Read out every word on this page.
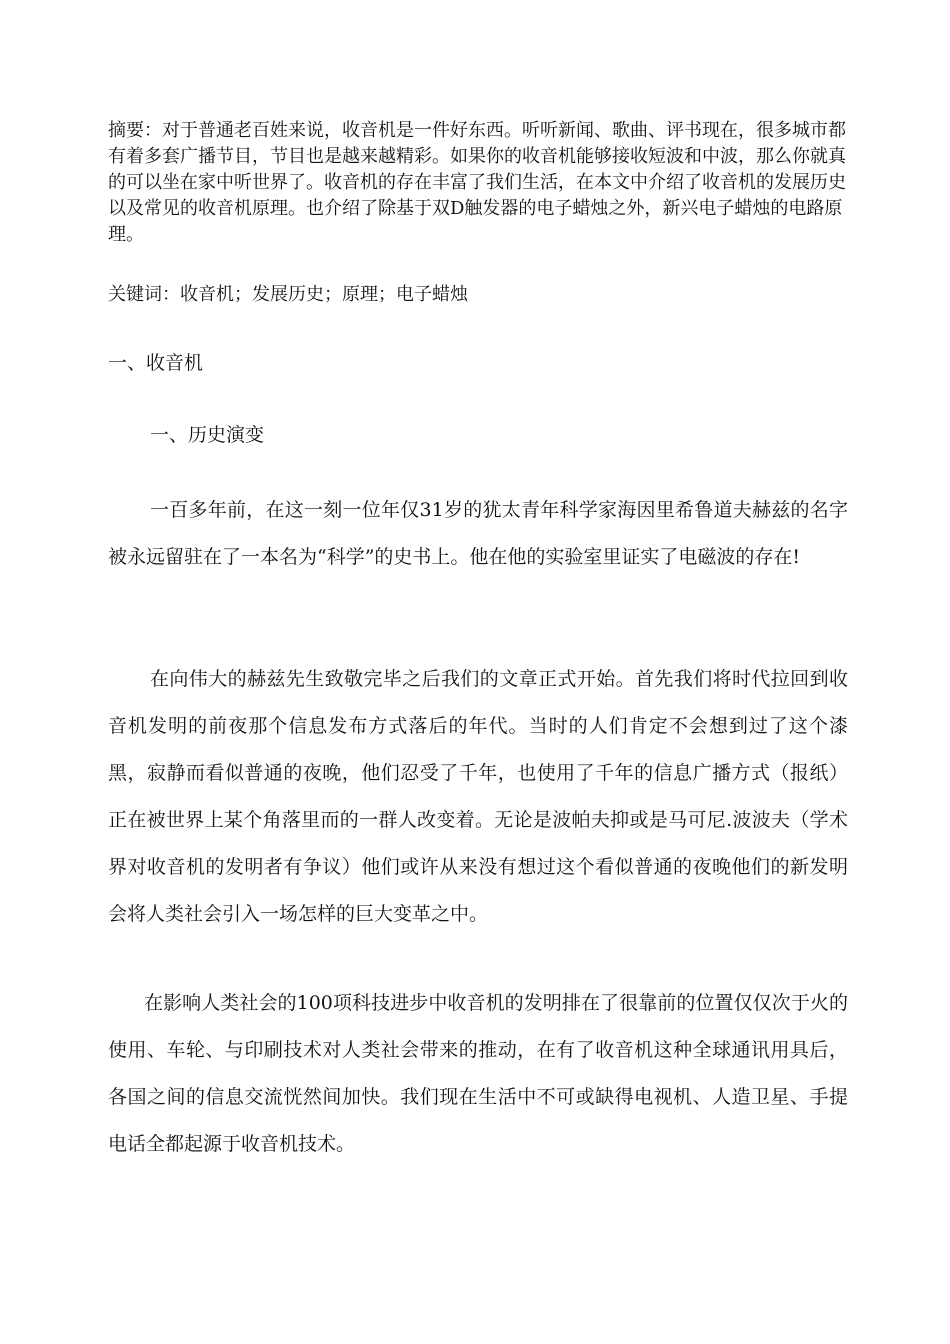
摘要：对于普通老百姓来说，收音机是一件好东西。听听新闻、歌曲、评书现在，很多城市都有着多套广播节目，节目也是越来越精彩。如果你的收音机能够接收短波和中波，那么你就真的可以坐在家中听世界了。收音机的存在丰富了我们生活，在本文中介绍了收音机的发展历史以及常见的收音机原理。也介绍了除基于双D触发器的电子蜡烛之外，新兴电子蜡烛的电路原理。

关键词：收音机；发展历史；原理；电子蜡烛

一、收音机
一、历史演变

一百多年前，在这一刻一位年仅31岁的犹太青年科学家海因里希鲁道夫赫兹的名字被永远留驻在了一本名为“科学”的史书上。他在他的实验室里证实了电磁波的存在!

在向伟大的赫兹先生致敬完毕之后我们的文章正式开始。首先我们将时代拉回到收音机发明的前夜那个信息发布方式落后的年代。当时的人们肯定不会想到过了这个漆黑，寂静而看似普通的夜晚，他们忍受了千年，也使用了千年的信息广播方式（报纸）正在被世界上某个角落里而的一群人改变着。无论是波帕夫抑或是马可尼.波波夫（学术界对收音机的发明者有争议）他们或许从来没有想过这个看似普通的夜晚他们的新发明会将人类社会引入一场怎样的巨大变革之中。

在影响人类社会的100项科技进步中收音机的发明排在了很靠前的位置仅仅次于火的使用、车轮、与印刷技术对人类社会带来的推动，在有了收音机这种全球通讯用具后，各国之间的信息交流恍然间加快。我们现在生活中不可或缺得电视机、人造卫星、手提电话全都起源于收音机技术。
